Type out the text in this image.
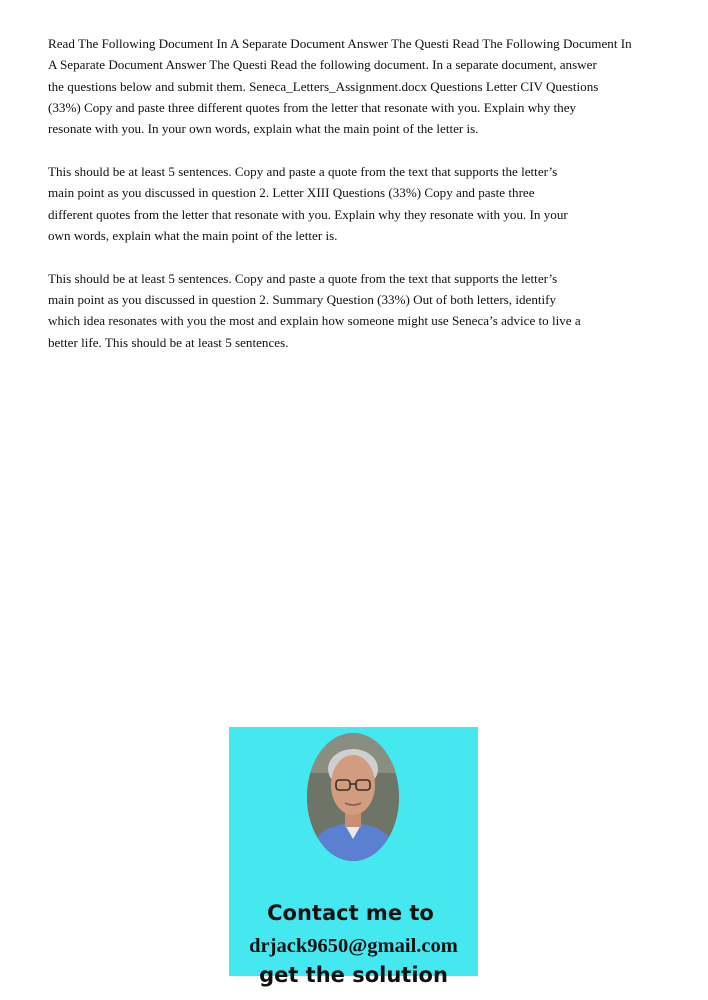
Read The Following Document In A Separate Document Answer The Questi Read The Following Document In
A Separate Document Answer The Questi Read the following document. In a separate document, answer
the questions below and submit them. Seneca_Letters_Assignment.docx Questions Letter CIV Questions
(33%) Copy and paste three different quotes from the letter that resonate with you. Explain why they
resonate with you. In your own words, explain what the main point of the letter is.

This should be at least 5 sentences. Copy and paste a quote from the text that supports the letter’s
main point as you discussed in question 2. Letter XIII Questions (33%) Copy and paste three
different quotes from the letter that resonate with you. Explain why they resonate with you. In your
own words, explain what the main point of the letter is.

This should be at least 5 sentences. Copy and paste a quote from the text that supports the letter’s
main point as you discussed in question 2. Summary Question (33%) Out of both letters, identify
which idea resonates with you the most and explain how someone might use Seneca’s advice to live a
better life. This should be at least 5 sentences.

Contact me to

get the solution

drjack9650@gmail.com
